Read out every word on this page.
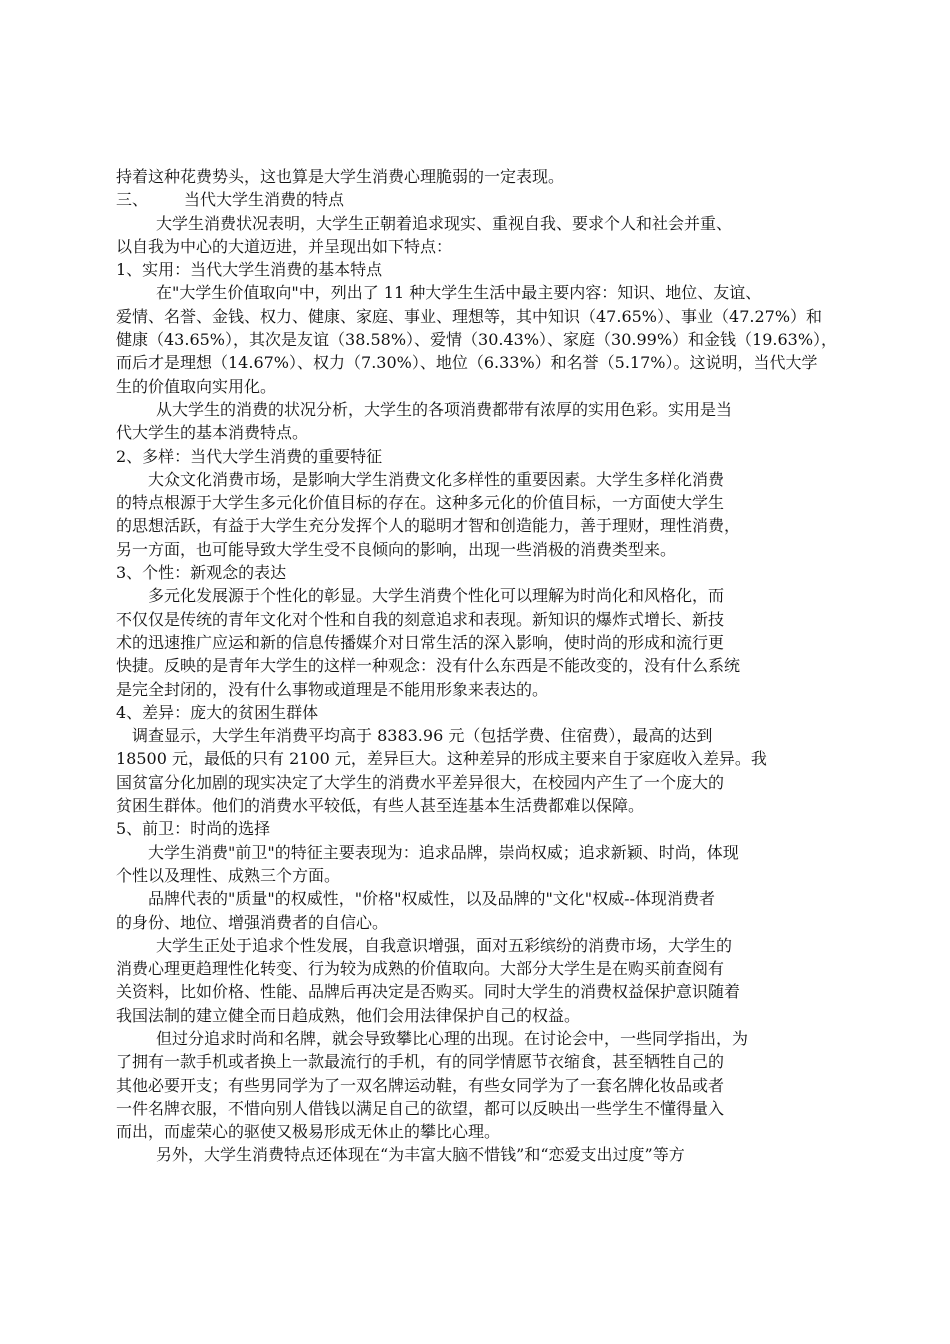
持着这种花费势头，这也算是大学生消费心理脆弱的一定表现。
三、 当代大学生消费的特点
大学生消费状况表明，大学生正朝着追求现实、重视自我、要求个人和社会并重、
以自我为中心的大道迈进，并呈现出如下特点：
1、实用：当代大学生消费的基本特点
在"大学生价值取向"中，列出了 11 种大学生生活中最主要内容：知识、地位、友谊、
爱情、名誉、金钱、权力、健康、家庭、事业、理想等，其中知识（47.65%）、事业（47.27%）和
健康（43.65%），其次是友谊（38.58%）、爱情（30.43%）、家庭（30.99%）和金钱（19.63%），
而后才是理想（14.67%）、权力（7.30%）、地位（6.33%）和名誉（5.17%）。这说明，当代大学
生的价值取向实用化。
从大学生的消费的状况分析，大学生的各项消费都带有浓厚的实用色彩。实用是当
代大学生的基本消费特点。
2、多样：当代大学生消费的重要特征
大众文化消费市场，是影响大学生消费文化多样性的重要因素。大学生多样化消费
的特点根源于大学生多元化价值目标的存在。这种多元化的价值目标，一方面使大学生
的思想活跃，有益于大学生充分发挥个人的聪明才智和创造能力，善于理财，理性消费，
另一方面，也可能导致大学生受不良倾向的影响，出现一些消极的消费类型来。
3、个性：新观念的表达
多元化发展源于个性化的彰显。大学生消费个性化可以理解为时尚化和风格化，而
不仅仅是传统的青年文化对个性和自我的刻意追求和表现。新知识的爆炸式增长、新技
术的迅速推广应运和新的信息传播媒介对日常生活的深入影响，使时尚的形成和流行更
快捷。反映的是青年大学生的这样一种观念：没有什么东西是不能改变的，没有什么系统
是完全封闭的，没有什么事物或道理是不能用形象来表达的。
4、差异：庞大的贫困生群体
调查显示，大学生年消费平均高于 8383.96 元（包括学费、住宿费），最高的达到
18500 元，最低的只有 2100 元，差异巨大。这种差异的形成主要来自于家庭收入差异。我
国贫富分化加剧的现实决定了大学生的消费水平差异很大，在校园内产生了一个庞大的
贫困生群体。他们的消费水平较低，有些人甚至连基本生活费都难以保障。
5、前卫：时尚的选择
大学生消费"前卫"的特征主要表现为：追求品牌，崇尚权威；追求新颖、时尚，体现
个性以及理性、成熟三个方面。
品牌代表的"质量"的权威性，"价格"权威性，以及品牌的"文化"权威--体现消费者
的身份、地位、增强消费者的自信心。
大学生正处于追求个性发展，自我意识增强，面对五彩缤纷的消费市场，大学生的
消费心理更趋理性化转变、行为较为成熟的价值取向。大部分大学生是在购买前查阅有
关资料，比如价格、性能、品牌后再决定是否购买。同时大学生的消费权益保护意识随着
我国法制的建立健全而日趋成熟，他们会用法律保护自己的权益。
但过分追求时尚和名牌，就会导致攀比心理的出现。在讨论会中，一些同学指出，为
了拥有一款手机或者换上一款最流行的手机，有的同学情愿节衣缩食，甚至牺牲自己的
其他必要开支；有些男同学为了一双名牌运动鞋，有些女同学为了一套名牌化妆品或者
一件名牌衣服，不惜向别人借钱以满足自己的欲望，都可以反映出一些学生不懂得量入
而出，而虚荣心的驱使又极易形成无休止的攀比心理。
另外，大学生消费特点还体现在“为丰富大脑不惜钱”和“恋爱支出过度”等方
